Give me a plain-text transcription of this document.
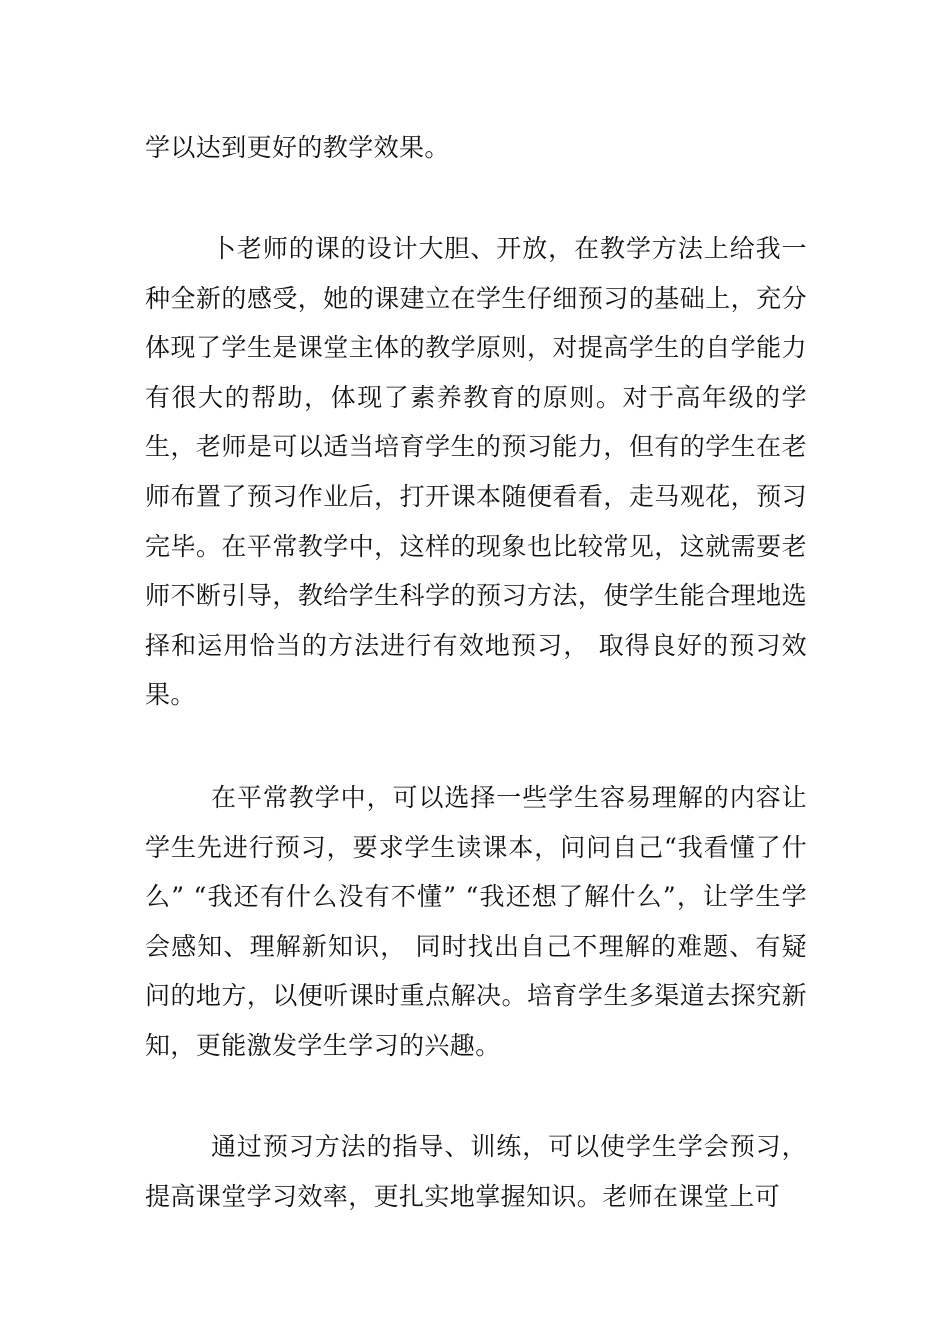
学以达到更好的教学效果。

卜老师的课的设计大胆、开放，在教学方法上给我一种全新的感受，她的课建立在学生仔细预习的基础上，充分体现了学生是课堂主体的教学原则，对提高学生的自学能力有很大的帮助，体现了素养教育的原则。对于高年级的学生，老师是可以适当培育学生的预习能力，但有的学生在老师布置了预习作业后，打开课本随便看看，走马观花，预习完毕。在平常教学中，这样的现象也比较常见，这就需要老师不断引导，教给学生科学的预习方法，使学生能合理地选择和运用恰当的方法进行有效地预习， 取得良好的预习效果。

在平常教学中，可以选择一些学生容易理解的内容让学生先进行预习，要求学生读课本，问问自己“我看懂了什么” “我还有什么没有不懂” “我还想了解什么”，让学生学会感知、理解新知识， 同时找出自己不理解的难题、有疑问的地方，以便听课时重点解决。培育学生多渠道去探究新知，更能激发学生学习的兴趣。

通过预习方法的指导、训练，可以使学生学会预习，提高课堂学习效率，更扎实地掌握知识。老师在课堂上可
